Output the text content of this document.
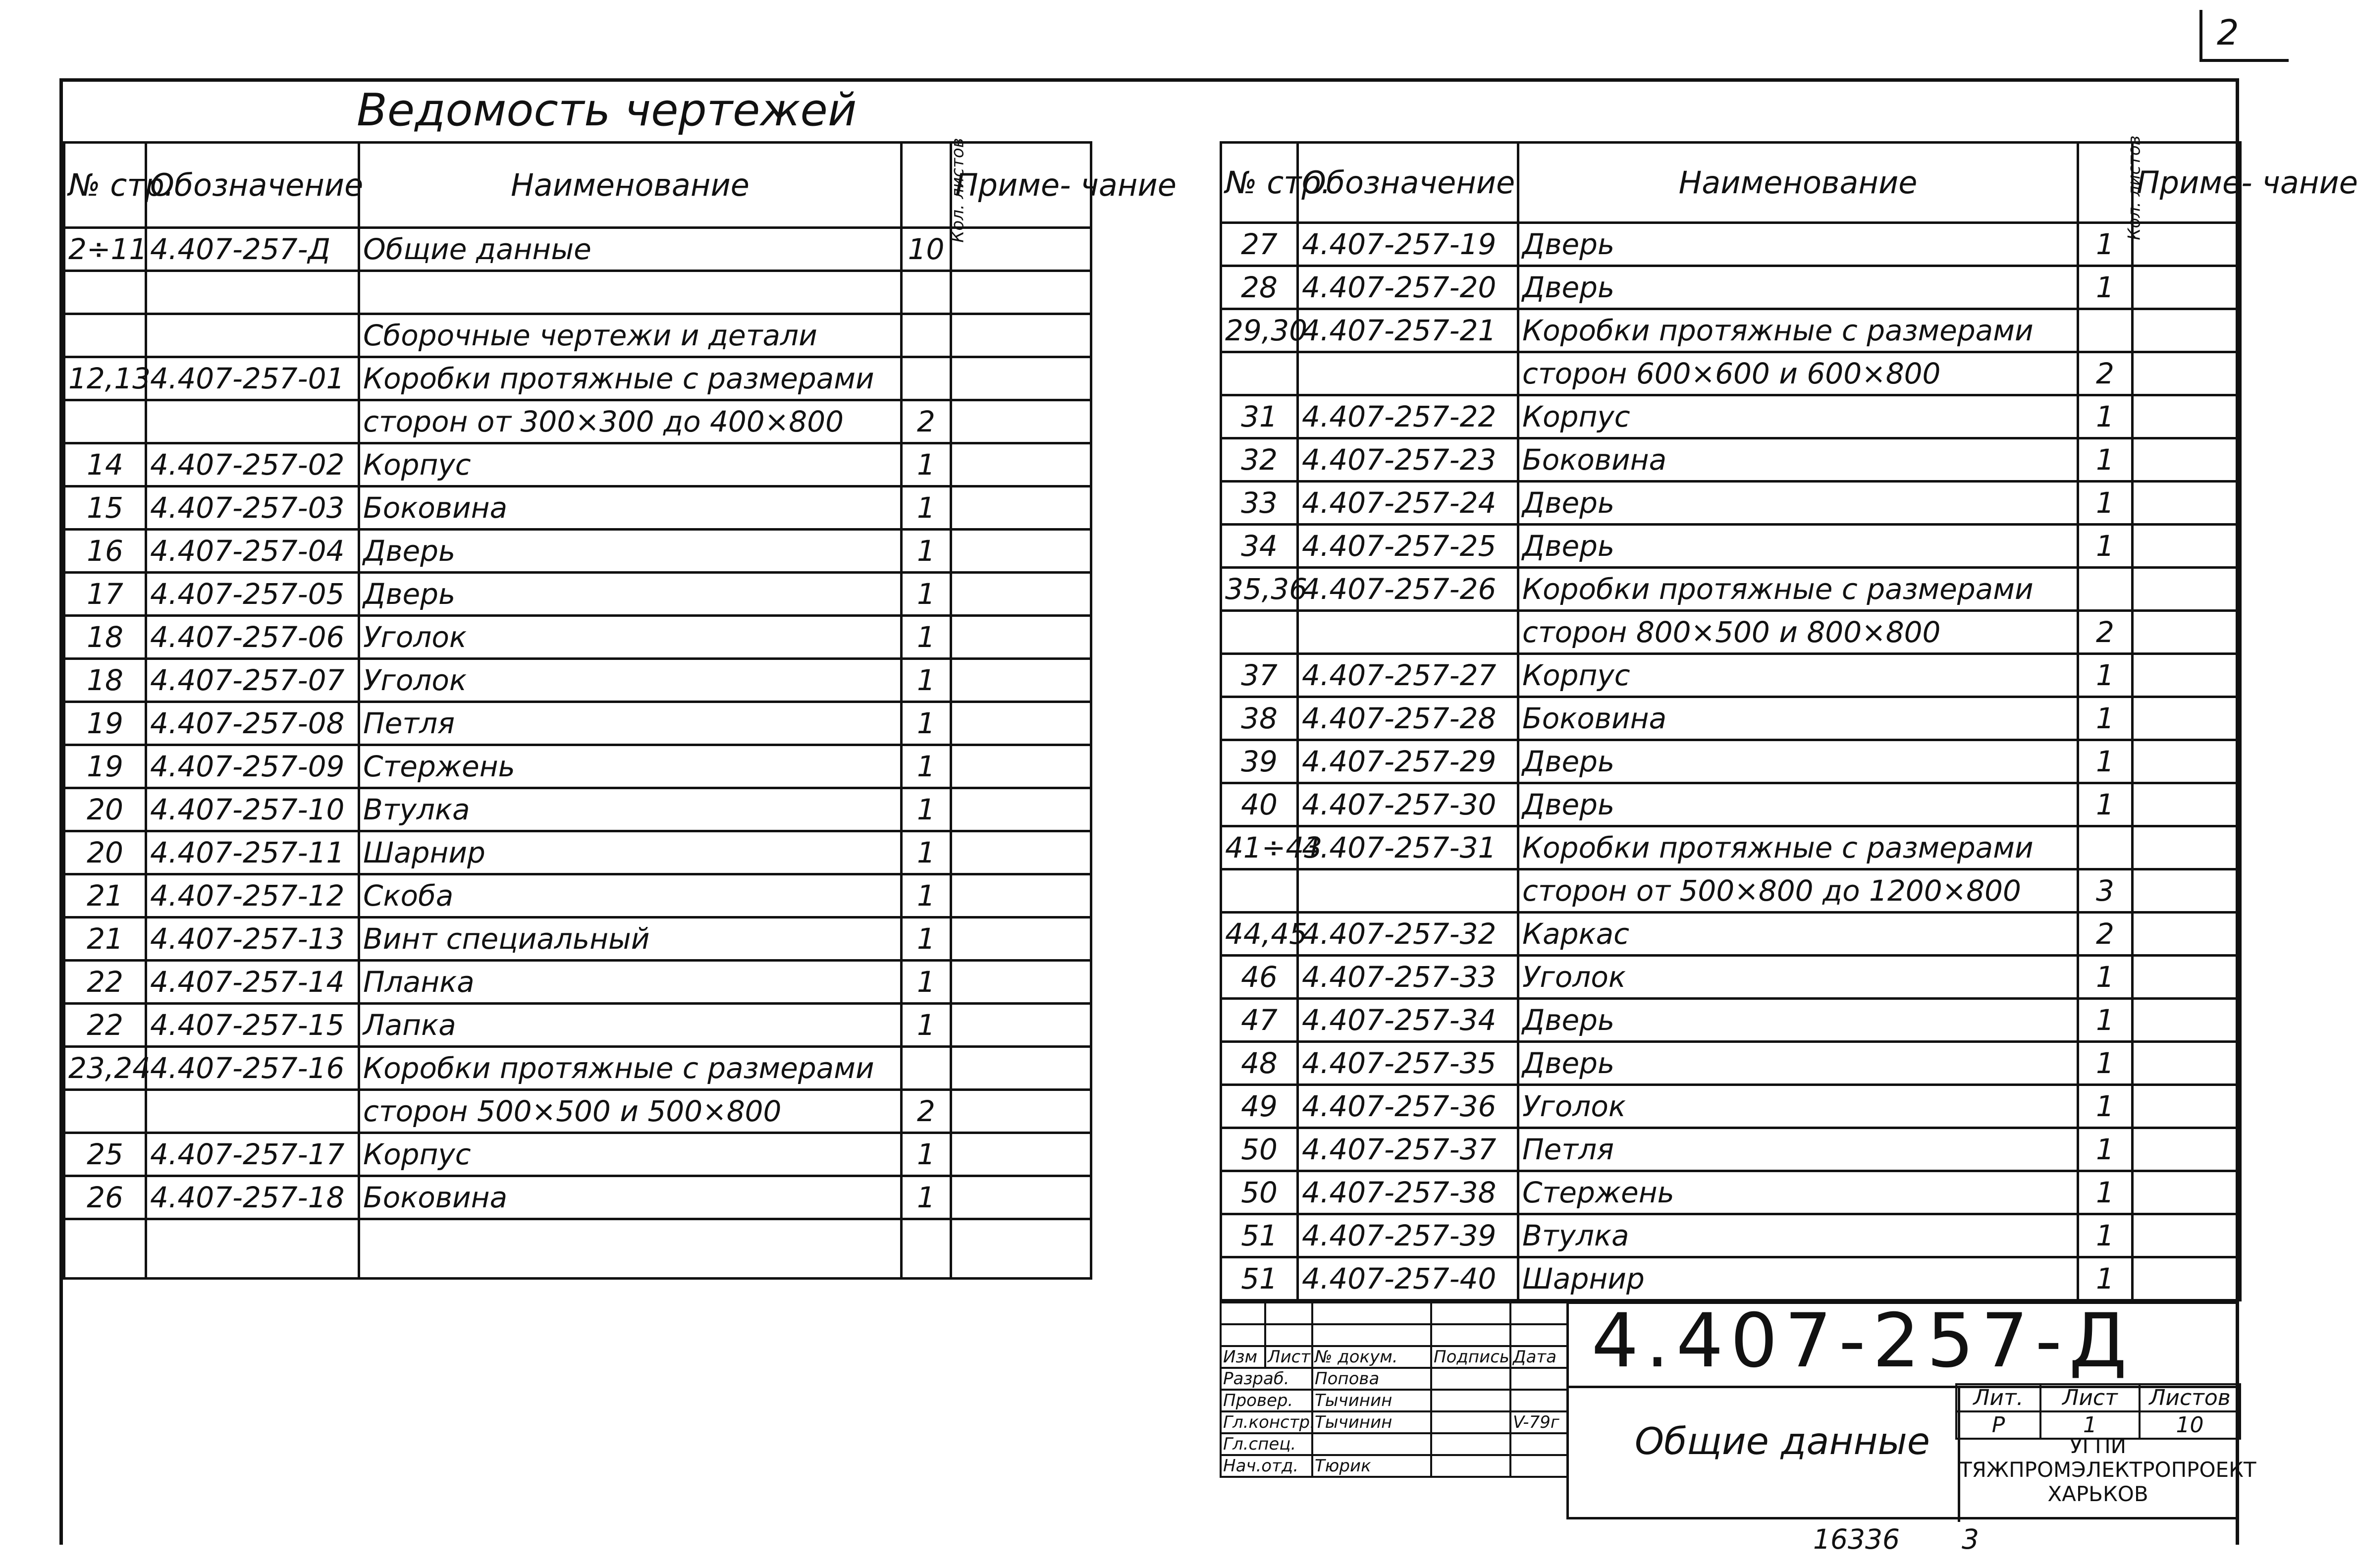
2
Ведомость чертежей
№ стр.	Обозначение	Наименование	Кол. листов	Приме- чание
2÷11	4.407-257-Д	Общие данные	10	

		Сборочные чертежи и детали		
12,13	4.407-257-01	Коробки протяжные с размерами		
		сторон от 300×300 до 400×800	2	
14	4.407-257-02	Корпус	1	
15	4.407-257-03	Боковина	1	
16	4.407-257-04	Дверь	1	
17	4.407-257-05	Дверь	1	
18	4.407-257-06	Уголок	1	
18	4.407-257-07	Уголок	1	
19	4.407-257-08	Петля	1	
19	4.407-257-09	Стержень	1	
20	4.407-257-10	Втулка	1	
20	4.407-257-11	Шарнир	1	
21	4.407-257-12	Скоба	1	
21	4.407-257-13	Винт специальный	1	
22	4.407-257-14	Планка	1	
22	4.407-257-15	Лапка	1	
23,24	4.407-257-16	Коробки протяжные с размерами		
		сторон 500×500 и 500×800	2	
25	4.407-257-17	Корпус	1	
26	4.407-257-18	Боковина	1	

№ стр.	Обозначение	Наименование	Кол. листов	Приме- чание
27	4.407-257-19	Дверь	1	
28	4.407-257-20	Дверь	1	
29,30	4.407-257-21	Коробки протяжные с размерами		
		сторон 600×600 и 600×800	2	
31	4.407-257-22	Корпус	1	
32	4.407-257-23	Боковина	1	
33	4.407-257-24	Дверь	1	
34	4.407-257-25	Дверь	1	
35,36	4.407-257-26	Коробки протяжные с размерами		
		сторон 800×500 и 800×800	2	
37	4.407-257-27	Корпус	1	
38	4.407-257-28	Боковина	1	
39	4.407-257-29	Дверь	1	
40	4.407-257-30	Дверь	1	
41÷43	4.407-257-31	Коробки протяжные с размерами		
		сторон от 500×800 до 1200×800	3	
44,45	4.407-257-32	Каркас	2	
46	4.407-257-33	Уголок	1	
47	4.407-257-34	Дверь	1	
48	4.407-257-35	Дверь	1	
49	4.407-257-36	Уголок	1	
50	4.407-257-37	Петля	1	
50	4.407-257-38	Стержень	1	
51	4.407-257-39	Втулка	1	
51	4.407-257-40	Шарнир	1	

Изм	Лист	№ докум.	Подпись	Дата
Разраб.		Попова		
Провер.		Тычинин		
Гл.констр.		Тычинин		V-79г
Гл.спец.				
Нач.отд.		Тюрик		
4.407-257-Д
Общие данные
Лит.	Лист	Листов
Р	1	10
УГПИ
ТЯЖПРОМЭЛЕКТРОПРОЕКТ
ХАРЬКОВ
16336 3
